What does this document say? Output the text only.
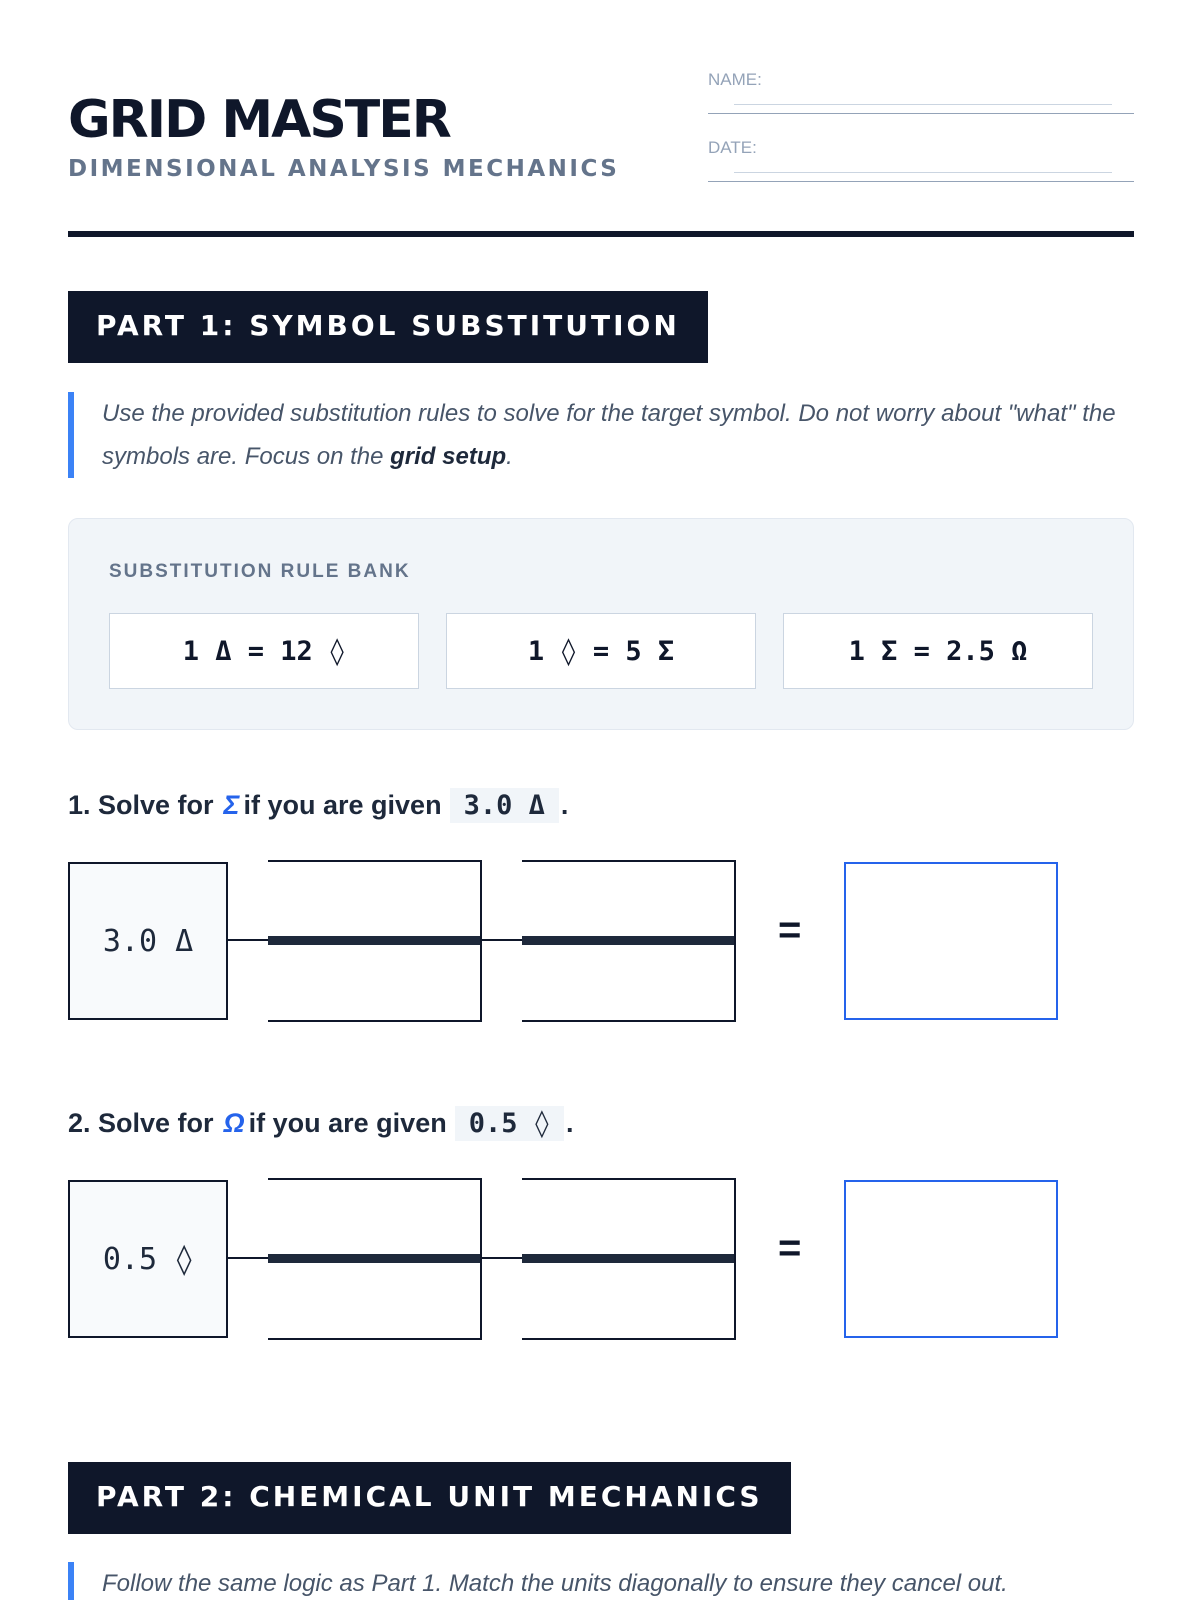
GRID MASTER
DIMENSIONAL ANALYSIS MECHANICS
NAME:
DATE:
PART 1: SYMBOL SUBSTITUTION
Use the provided substitution rules to solve for the target symbol. Do not worry about "what" the symbols are. Focus on the grid setup.
SUBSTITUTION RULE BANK
1 Δ = 12 ◊	1 ◊ = 5 Σ	1 Σ = 2.5 Ω
1. Solve for Σ if you are given 3.0 Δ .
3.0 Δ	=
2. Solve for Ω if you are given 0.5 ◊ .
0.5 ◊	=
PART 2: CHEMICAL UNIT MECHANICS
Follow the same logic as Part 1. Match the units diagonally to ensure they cancel out.
